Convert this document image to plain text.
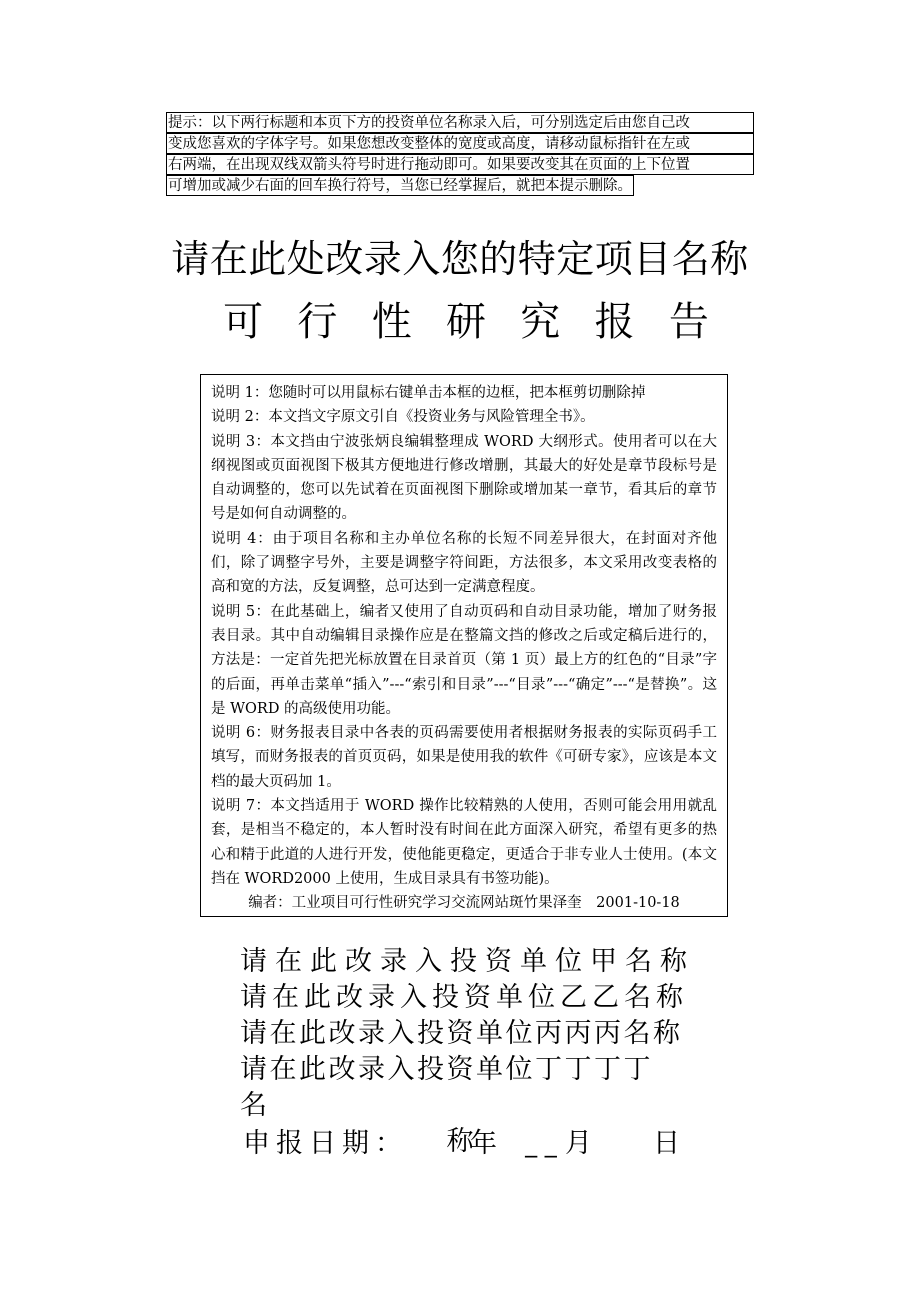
提示：以下两行标题和本页下方的投资单位名称录入后，可分别选定后由您自己改
变成您喜欢的字体字号。如果您想改变整体的宽度或高度，请移动鼠标指针在左或
右两端，在出现双线双箭头符号时进行拖动即可。如果要改变其在页面的上下位置
可增加或减少右面的回车换行符号，当您已经掌握后，就把本提示删除。
请在此处改录入您的特定项目名称
可 行 性 研 究 报 告

说明 1：您随时可以用鼠标右键单击本框的边框，把本框剪切删除掉

说明 2：本文挡文字原文引自《投资业务与风险管理全书》。

说明 3：本文挡由宁波张炳良编辑整理成 WORD 大纲形式。使用者可以在大纲视图或页面视图下极其方便地进行修改增删，其最大的好处是章节段标号是自动调整的，您可以先试着在页面视图下删除或增加某一章节，看其后的章节号是如何自动调整的。

说明 4：由于项目名称和主办单位名称的长短不同差异很大，在封面对齐他们，除了调整字号外，主要是调整字符间距，方法很多，本文采用改变表格的高和宽的方法，反复调整，总可达到一定满意程度。

说明 5：在此基础上，编者又使用了自动页码和自动目录功能，增加了财务报表目录。其中自动编辑目录操作应是在整篇文挡的修改之后或定稿后进行的，方法是：一定首先把光标放置在目录首页（第 1 页）最上方的红色的“目录”字的后面，再单击菜单“插入”---“索引和目录”---“目录”---“确定”---“是替换”。这是 WORD 的高级使用功能。

说明 6：财务报表目录中各表的页码需要使用者根据财务报表的实际页码手工填写，而财务报表的首页页码，如果是使用我的软件《可研专家》，应该是本文档的最大页码加 1。

说明 7：本文挡适用于 WORD 操作比较精熟的人使用，否则可能会用用就乱套，是相当不稳定的，本人暂时没有时间在此方面深入研究，希望有更多的热心和精于此道的人进行开发，使他能更稳定，更适合于非专业人士使用。(本文挡在 WORD2000 上使用，生成目录具有书签功能)。

编者：工业项目可行性研究学习交流网站斑竹果泽奎　2001-10-18

请在此改录入投资单位甲名称
请在此改录入投资单位乙乙名称
请在此改录入投资单位丙丙丙名称
请在此改录入投资单位丁丁丁丁名
称
申报日期： 年	_ _ 月 日
